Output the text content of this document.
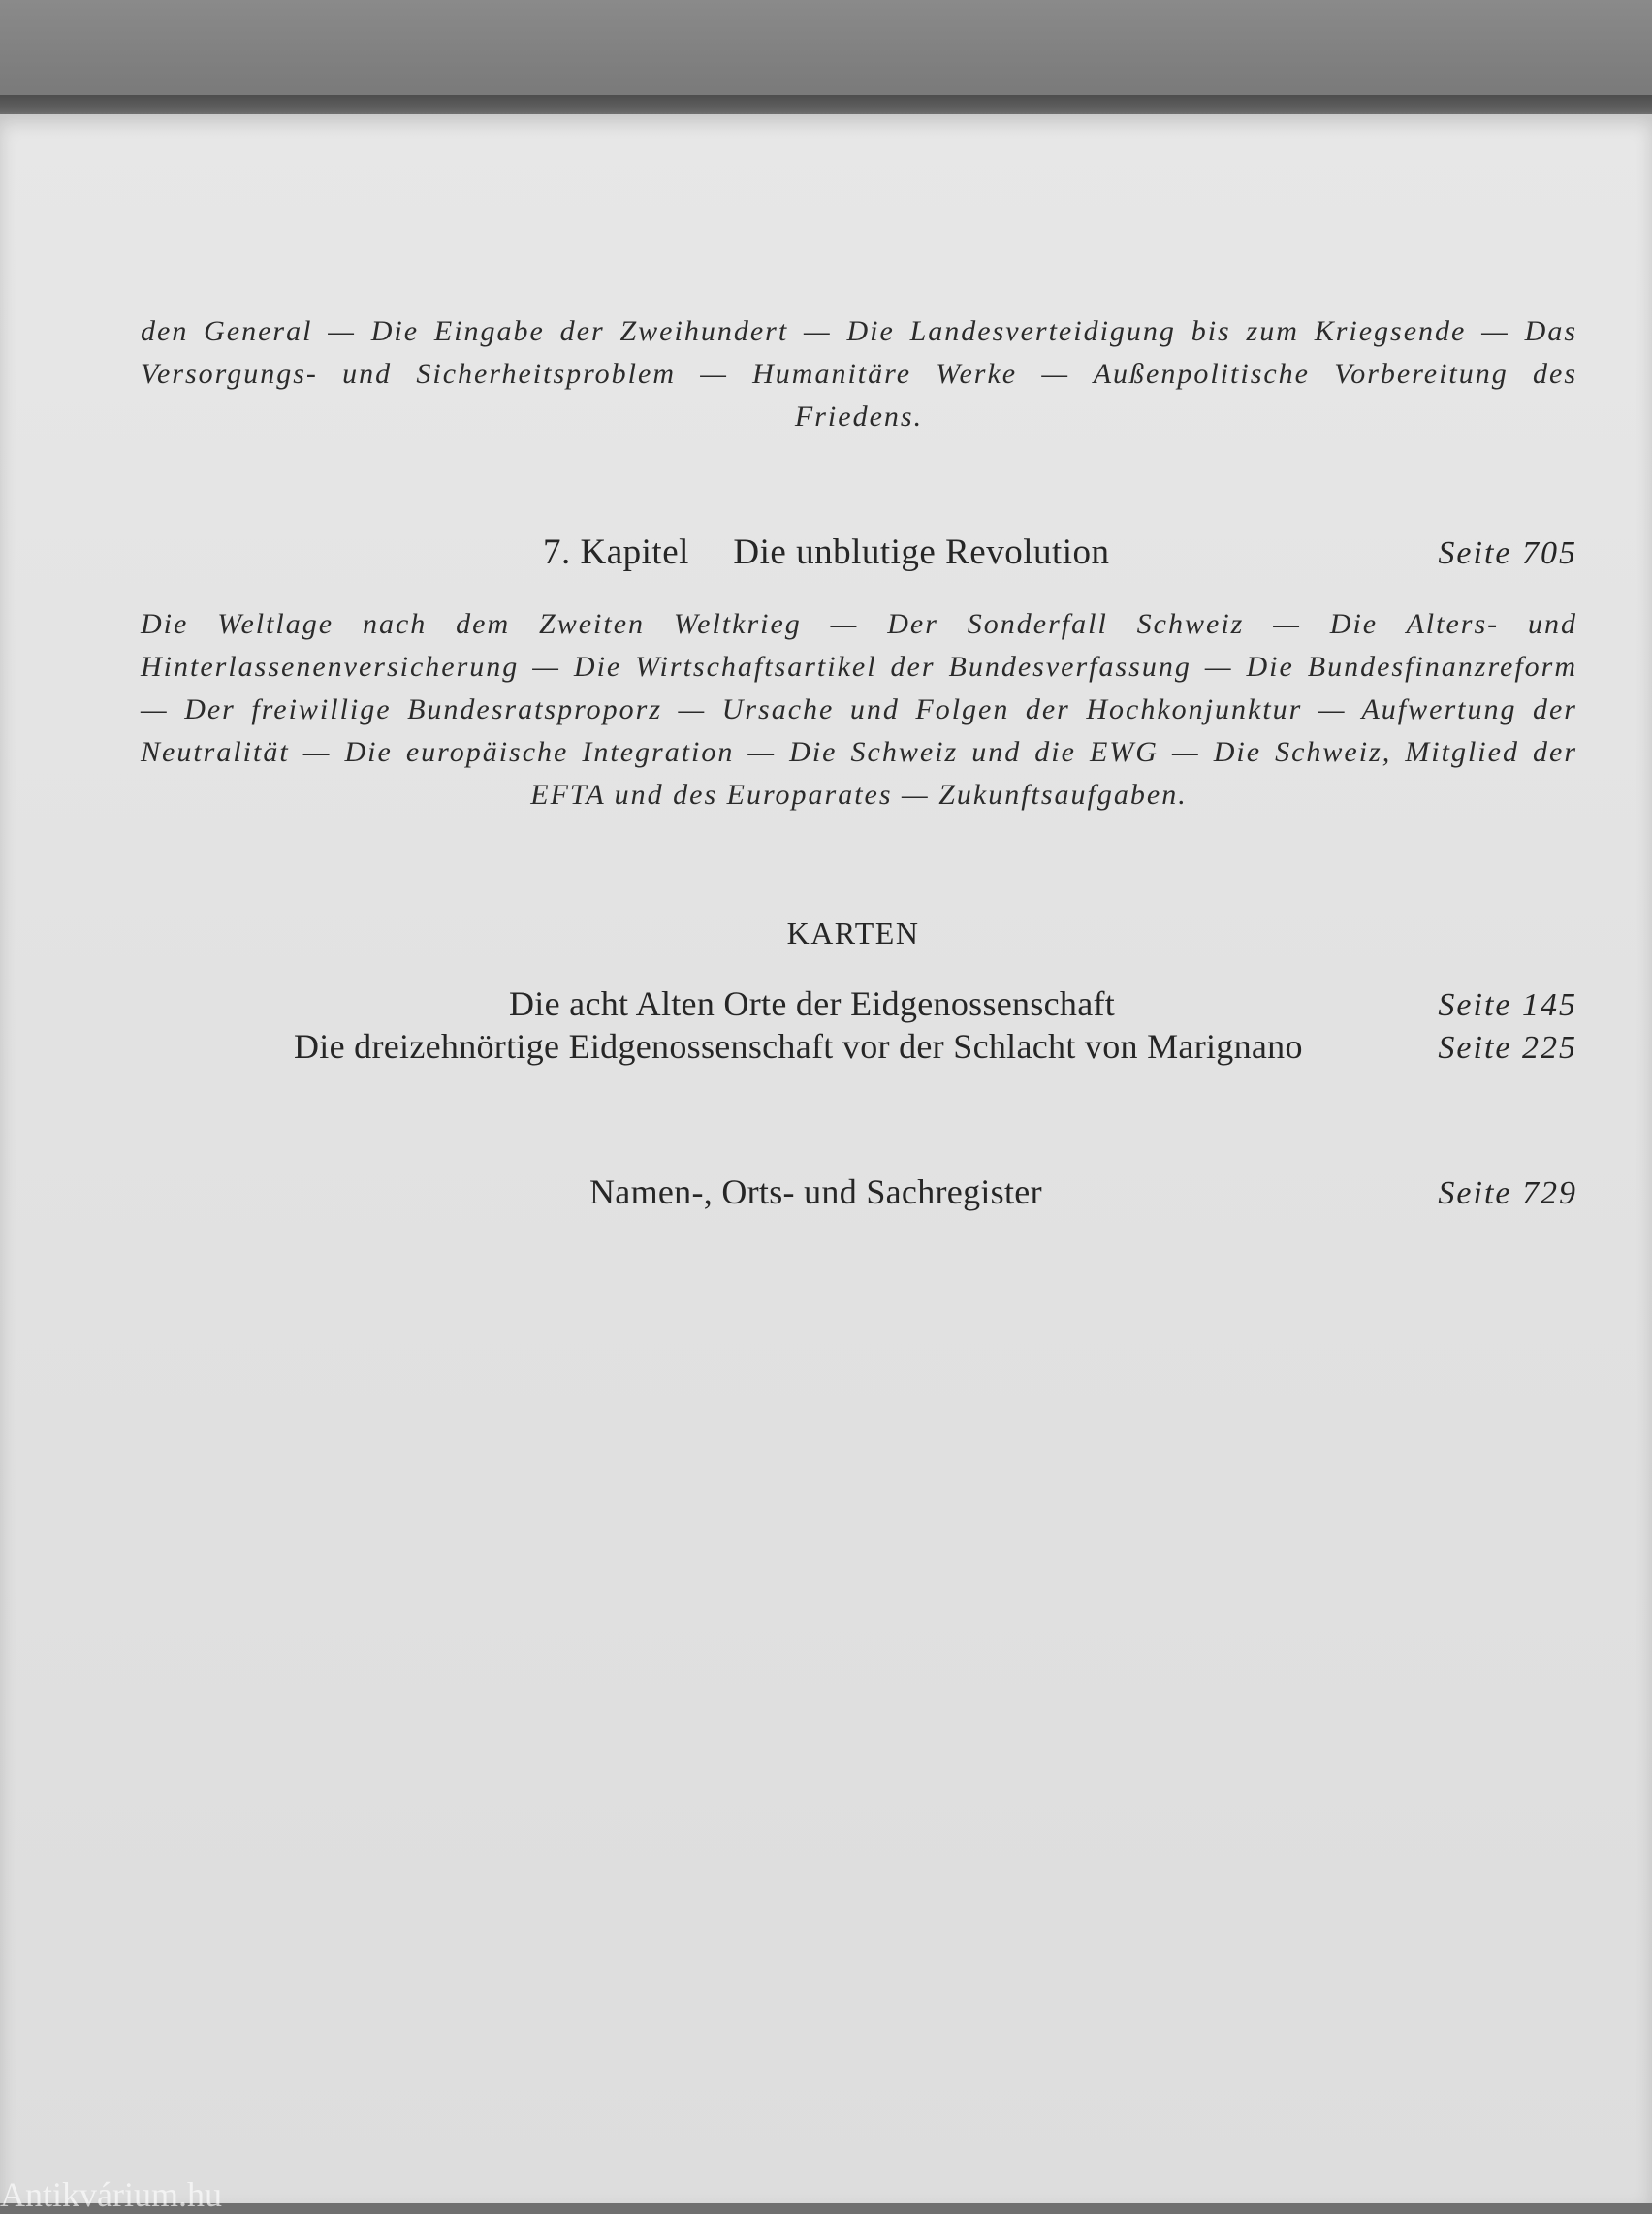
den General — Die Eingabe der Zweihundert — Die Landesverteidigung bis zum Kriegsende — Das Versorgungs- und Sicherheitsproblem — Humanitäre Werke — Außenpolitische Vorbereitung des Friedens.
7. Kapitel Die unblutige Revolution	Seite 705
Die Weltlage nach dem Zweiten Weltkrieg — Der Sonderfall Schweiz — Die Alters- und Hinterlassenenversicherung — Die Wirtschaftsartikel der Bundesverfassung — Die Bundesfinanzreform — Der freiwillige Bundesratsproporz — Ursache und Folgen der Hochkonjunktur — Aufwertung der Neutralität — Die europäische Integration — Die Schweiz und die EWG — Die Schweiz, Mitglied der EFTA und des Europarates — Zukunftsaufgaben.
KARTEN
Die acht Alten Orte der Eidgenossenschaft	Seite 145
Die dreizehnörtige Eidgenossenschaft vor der Schlacht von Marignano	Seite 225
Namen-, Orts- und Sachregister	Seite 729
Antikvárium.hu
